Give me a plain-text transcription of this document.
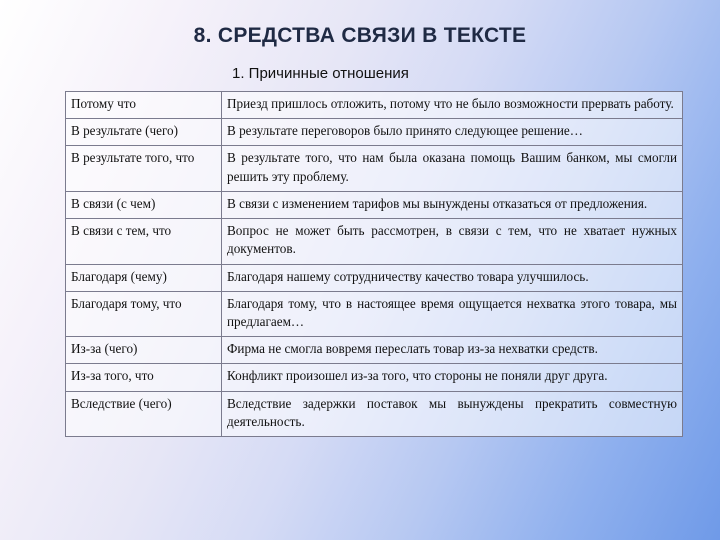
8. СРЕДСТВА СВЯЗИ В ТЕКСТЕ
1. Причинные отношения
Потому что	Приезд пришлось отложить, потому что не было возможности прервать работу.
В результате (чего)	В результате переговоров было принято следующее решение…
В результате того, что	В результате того, что нам была оказана помощь Вашим банком, мы смогли решить эту проблему.
В связи (с чем)	В связи с изменением тарифов мы вынуждены отказаться от предложения.
В связи с тем, что	Вопрос не может быть рассмотрен, в связи с тем, что не хватает нужных документов.
Благодаря (чему)	Благодаря нашему сотрудничеству качество товара улучшилось.
Благодаря тому, что	Благодаря тому, что в настоящее время ощущается нехватка этого товара, мы предлагаем…
Из-за (чего)	Фирма не смогла вовремя переслать товар из-за нехватки средств.
Из-за того, что	Конфликт произошел из-за того, что стороны не поняли друг друга.
Вследствие (чего)	Вследствие задержки поставок мы вынуждены прекратить совместную деятельность.
